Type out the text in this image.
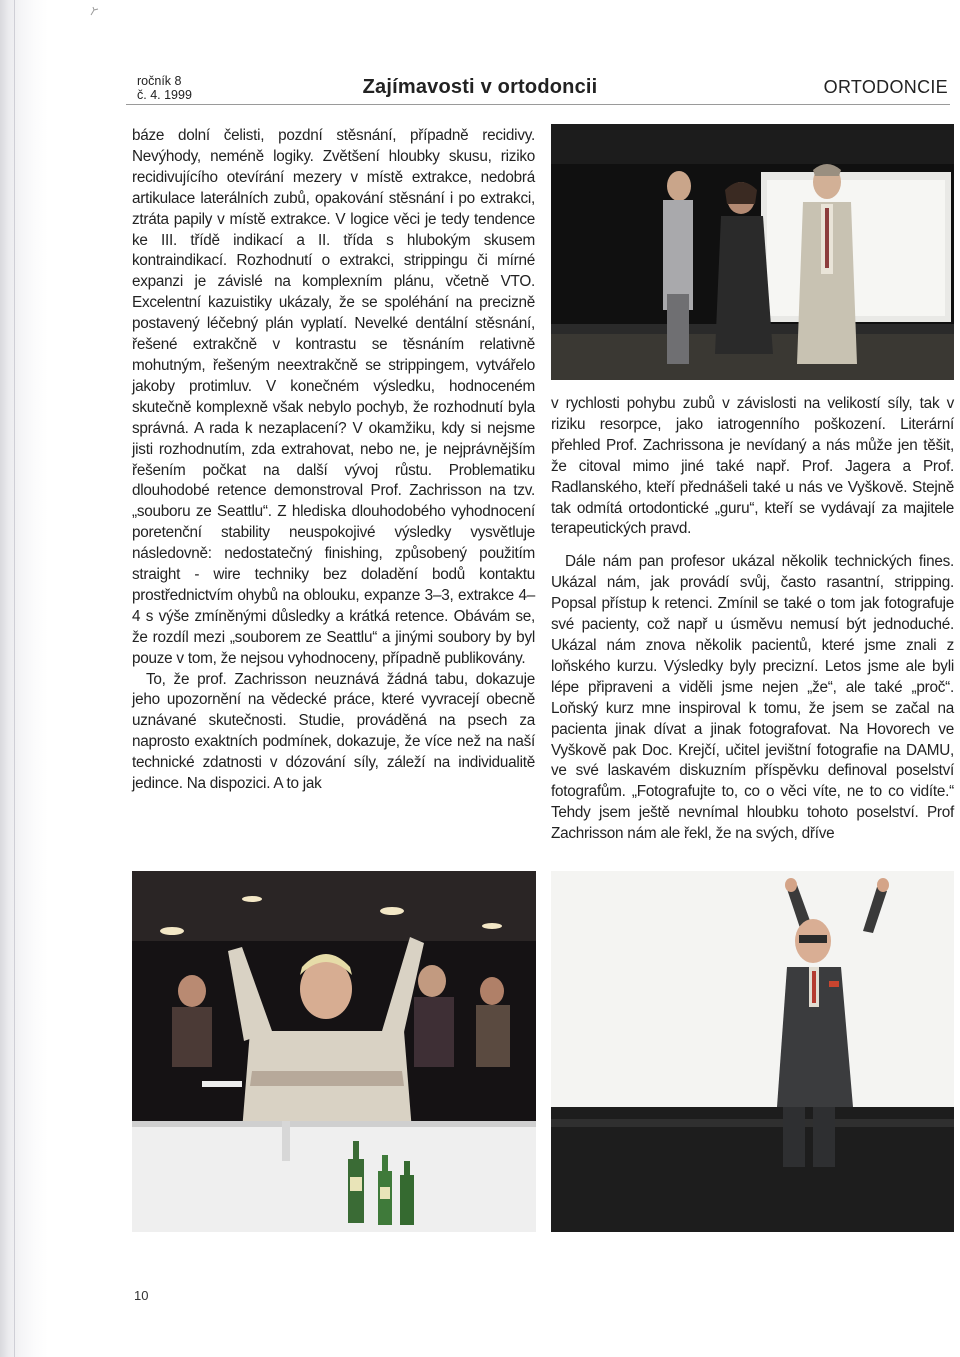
ročník 8
č. 4. 1999	Zajímavosti v ortodoncii	ORTODONCIE

báze dolní čelisti, pozdní stěsnání, případně recidivy. Nevýhody, neméně logiky. Zvětšení hloubky skusu, riziko recidivujícího otevírání mezery v místě extrakce, nedobrá artikulace laterálních zubů, opakování stěsnání i po extrakci, ztráta papily v místě extrakce. V logice věci je tedy tendence ke III. třídě indikací a II. třída s hlubokým skusem kontraindikací. Rozhodnutí o extrakci, strippingu či mírné expanzi je závislé na komplexním plánu, včetně VTO. Excelentní kazuistiky ukázaly, že se spoléhání na precizně postavený léčebný plán vyplatí. Nevelké dentální stěsnání, řešené extrakčně v kontrastu se těsnáním relativně mohutným, řešeným neextrakčně se strippingem, vytvářelo jakoby protimluv. V konečném výsledku, hodnoceném skutečně komplexně však nebylo pochyb, že rozhodnutí byla správná. A rada k nezaplacení? V okamžiku, kdy si nejsme jisti rozhodnutím, zda extrahovat, nebo ne, je nejprávnějším řešením počkat na další vývoj růstu. Problematiku dlouhodobé retence demonstroval Prof. Zachrisson na tzv. „souboru ze Seattlu“. Z hlediska dlouhodobého vyhodnocení poretenční stability neuspokojivé výsledky vysvětluje následovně: nedostatečný finishing, způsobený použitím straight - wire techniky bez doladění bodů kontaktu prostřednictvím ohybů na oblouku, expanze 3–3, extrakce 4–4 s výše zmíněnými důsledky a krátká retence. Obávám se, že rozdíl mezi „souborem ze Seattlu“ a jinými soubory by byl pouze v tom, že nejsou vyhodnoceny, případně publikovány.

To, že prof. Zachrisson neuznává žádná tabu, dokazuje jeho upozornění na vědecké práce, které vyvracejí obecně uznávané skutečnosti. Studie, prováděná na psech za naprosto exaktních podmínek, dokazuje, že více než na naší technické zdatnosti v dózování síly, záleží na individualitě jedince. Na dispozici. A to jak

v rychlosti pohybu zubů v závislosti na velikostí síly, tak v riziku resorpce, jako iatrogenního poškození. Literární přehled Prof. Zachrissona je nevídaný a nás může jen těšit, že citoval mimo jiné také např. Prof. Jagera a Prof. Radlanského, kteří přednášeli také u nás ve Vyškově. Stejně tak odmítá ortodontické „guru“, kteří se vydávají za majitele terapeutických pravd.

Dále nám pan profesor ukázal několik technických fines. Ukázal nám, jak provádí svůj, často rasantní, stripping. Popsal přístup k retenci. Zmínil se také o tom jak fotografuje své pacienty, což např u úsměvu nemusí být jednoduché. Ukázal nám znova několik pacientů, které jsme znali z loňského kurzu. Výsledky byly precizní. Letos jsme ale byli lépe připraveni a viděli jsme nejen „že“, ale také „proč“. Loňský kurz mne inspiroval k tomu, že jsem se začal na pacienta jinak dívat a jinak fotografovat. Na Hovorech ve Vyškově pak Doc. Krejčí, učitel jevištní fotografie na DAMU, ve své laskavém diskuzním příspěvku definoval poselství fotografům. „Fotografujte to, co o věci víte, ne to co vidíte.“ Tehdy jsem ještě nevnímal hloubku tohoto poselství. Prof Zachrisson nám ale řekl, že na svých, dříve

10
